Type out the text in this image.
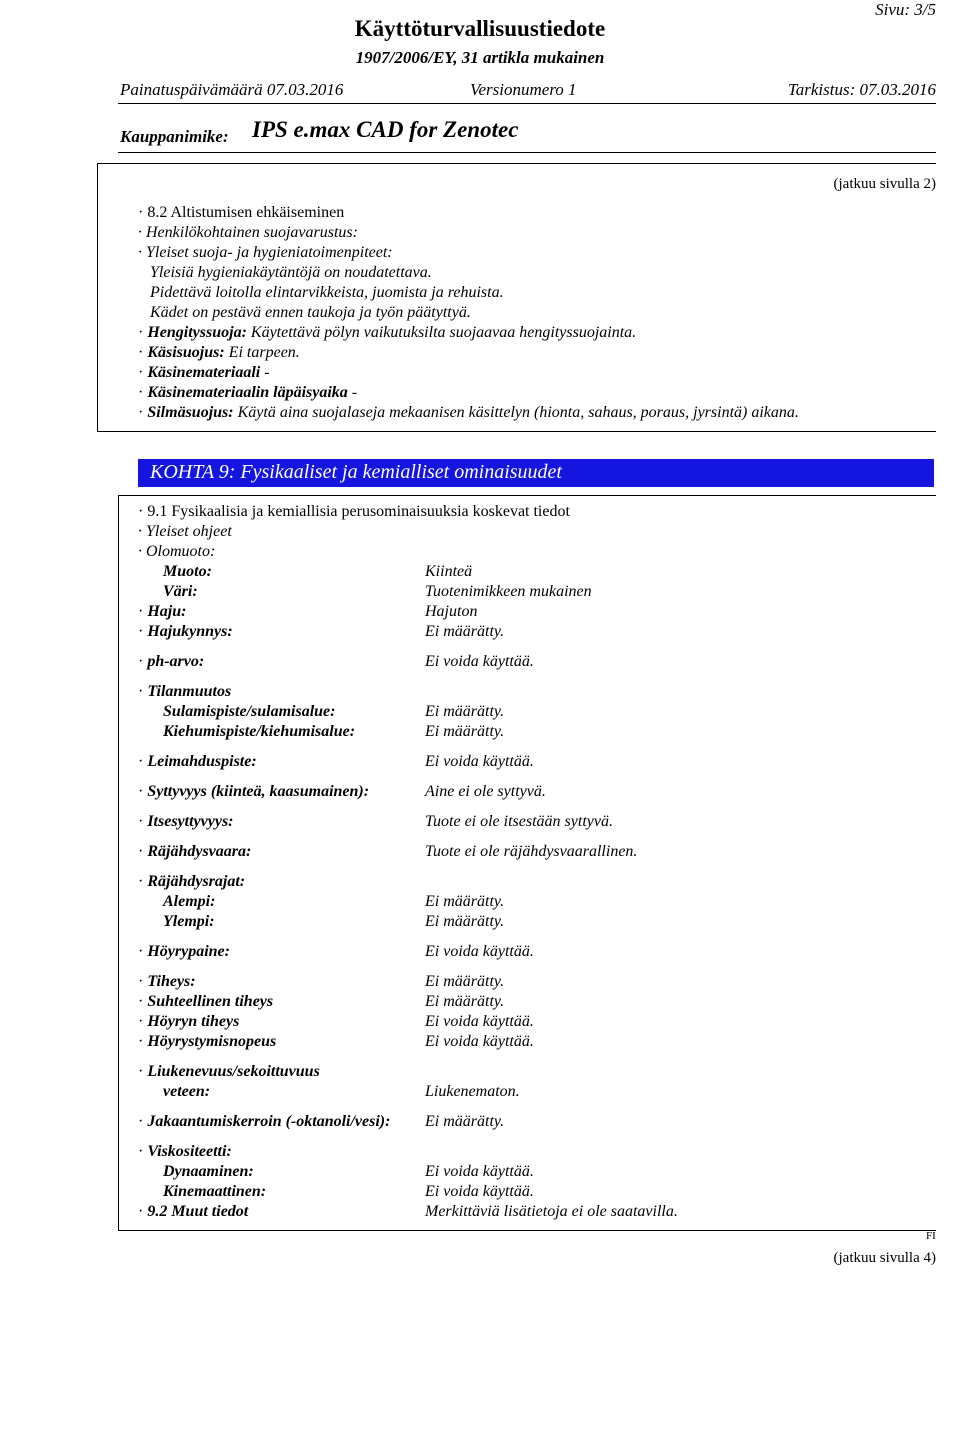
Käyttöturvallisuustiedote
1907/2006/EY, 31 artikla mukainen
Sivu: 3/5
Painatuspäivämäärä 07.03.2016	Versionumero 1	Tarkistus: 07.03.2016
Kauppanimike: IPS e.max CAD for Zenotec
(jatkuu sivulla 2)
· 8.2 Altistumisen ehkäiseminen
· Henkilökohtainen suojavarustus:
· Yleiset suoja- ja hygieniatoimenpiteet:
Yleisiä hygieniakäytäntöjä on noudatettava.
Pidettävä loitolla elintarvikkeista, juomista ja rehuista.
Kädet on pestävä ennen taukoja ja työn päätyttyä.
· Hengityssuoja: Käytettävä pölyn vaikutuksilta suojaavaa hengityssuojainta.
· Käsisuojus: Ei tarpeen.
· Käsinemateriaali -
· Käsinemateriaalin läpäisyaika -
· Silmäsuojus: Käytä aina suojalaseja mekaanisen käsittelyn (hionta, sahaus, poraus, jyrsintä) aikana.
KOHTA 9: Fysikaaliset ja kemialliset ominaisuudet
· 9.1 Fysikaalisia ja kemiallisia perusominaisuuksia koskevat tiedot
· Yleiset ohjeet
· Olomuoto:
Muoto:	Kiinteä
Väri:	Tuotenimikkeen mukainen
· Haju:	Hajuton
· Hajukynnys:	Ei määrätty.
· ph-arvo:	Ei voida käyttää.
· Tilanmuutos
Sulamispiste/sulamisalue:	Ei määrätty.
Kiehumispiste/kiehumisalue:	Ei määrätty.
· Leimahduspiste:	Ei voida käyttää.
· Syttyvyys (kiinteä, kaasumainen):	Aine ei ole syttyvä.
· Itsesyttyvyys:	Tuote ei ole itsestään syttyvä.
· Räjähdysvaara:	Tuote ei ole räjähdysvaarallinen.
· Räjähdysrajat:
Alempi:	Ei määrätty.
Ylempi:	Ei määrätty.
· Höyrypaine:	Ei voida käyttää.
· Tiheys:	Ei määrätty.
· Suhteellinen tiheys	Ei määrätty.
· Höyryn tiheys	Ei voida käyttää.
· Höyrystymisnopeus	Ei voida käyttää.
· Liukenevuus/sekoittuvuus
veteen:	Liukenematon.
· Jakaantumiskerroin (-oktanoli/vesi): Ei määrätty.
· Viskositeetti:
Dynaaminen:	Ei voida käyttää.
Kinemaattinen:	Ei voida käyttää.
· 9.2 Muut tiedot	Merkittäviä lisätietoja ei ole saatavilla.
FI
(jatkuu sivulla 4)
